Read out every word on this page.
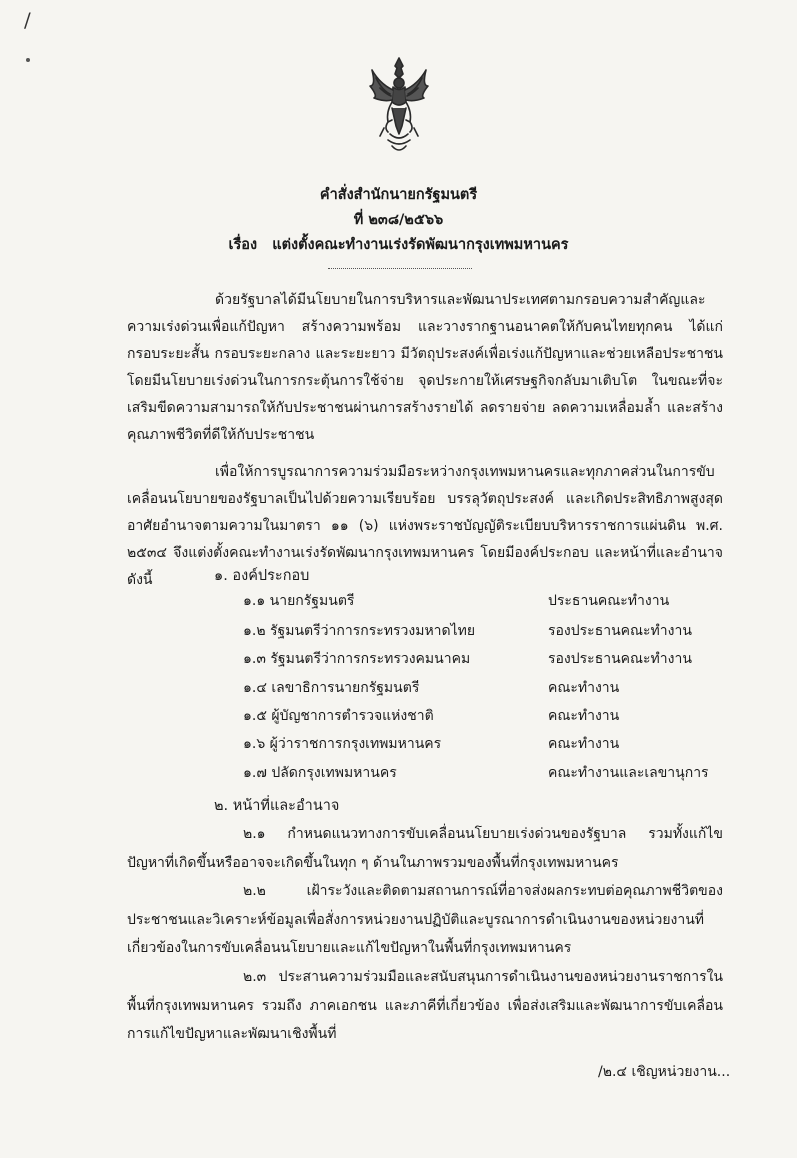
/
คำสั่งสำนักนายกรัฐมนตรี
ที่ ๒๓๘/๒๕๖๖
เรื่อง แต่งตั้งคณะทำงานเร่งรัดพัฒนากรุงเทพมหานคร
ด้วยรัฐบาลได้มีนโยบายในการบริหารและพัฒนาประเทศตามกรอบความสำคัญและความเร่งด่วนเพื่อแก้ปัญหา สร้างความพร้อม และวางรากฐานอนาคตให้กับคนไทยทุกคน ได้แก่ กรอบระยะสั้น กรอบระยะกลาง และระยะยาว มีวัตถุประสงค์เพื่อเร่งแก้ปัญหาและช่วยเหลือประชาชน โดยมีนโยบายเร่งด่วนในการกระตุ้นการใช้จ่าย จุดประกายให้เศรษฐกิจกลับมาเติบโต ในขณะที่จะเสริมขีดความสามารถให้กับประชาชนผ่านการสร้างรายได้ ลดรายจ่าย ลดความเหลื่อมล้ำ และสร้างคุณภาพชีวิตที่ดีให้กับประชาชน
เพื่อให้การบูรณาการความร่วมมือระหว่างกรุงเทพมหานครและทุกภาคส่วนในการขับเคลื่อนนโยบายของรัฐบาลเป็นไปด้วยความเรียบร้อย บรรลุวัตถุประสงค์ และเกิดประสิทธิภาพสูงสุด อาศัยอำนาจตามความในมาตรา ๑๑ (๖) แห่งพระราชบัญญัติระเบียบบริหารราชการแผ่นดิน พ.ศ. ๒๕๓๔ จึงแต่งตั้งคณะทำงานเร่งรัดพัฒนากรุงเทพมหานคร โดยมีองค์ประกอบ และหน้าที่และอำนาจ ดังนี้	๑. องค์ประกอบ
๑.๑ นายกรัฐมนตรี	ประธานคณะทำงาน
๑.๒ รัฐมนตรีว่าการกระทรวงมหาดไทย	รองประธานคณะทำงาน
๑.๓ รัฐมนตรีว่าการกระทรวงคมนาคม	รองประธานคณะทำงาน
๑.๔ เลขาธิการนายกรัฐมนตรี	คณะทำงาน
๑.๕ ผู้บัญชาการตำรวจแห่งชาติ	คณะทำงาน
๑.๖ ผู้ว่าราชการกรุงเทพมหานคร	คณะทำงาน
๑.๗ ปลัดกรุงเทพมหานคร	คณะทำงานและเลขานุการ
๒. หน้าที่และอำนาจ
๒.๑ กำหนดแนวทางการขับเคลื่อนนโยบายเร่งด่วนของรัฐบาล รวมทั้งแก้ไขปัญหาที่เกิดขึ้นหรืออาจจะเกิดขึ้นในทุก ๆ ด้านในภาพรวมของพื้นที่กรุงเทพมหานคร
๒.๒ เฝ้าระวังและติดตามสถานการณ์ที่อาจส่งผลกระทบต่อคุณภาพชีวิตของประชาชนและวิเคราะห์ข้อมูลเพื่อสั่งการหน่วยงานปฏิบัติและบูรณาการดำเนินงานของหน่วยงานที่เกี่ยวข้องในการขับเคลื่อนนโยบายและแก้ไขปัญหาในพื้นที่กรุงเทพมหานคร
๒.๓ ประสานความร่วมมือและสนับสนุนการดำเนินงานของหน่วยงานราชการในพื้นที่กรุงเทพมหานคร รวมถึง ภาคเอกชน และภาคีที่เกี่ยวข้อง เพื่อส่งเสริมและพัฒนาการขับเคลื่อนการแก้ไขปัญหาและพัฒนาเชิงพื้นที่
/๒.๔ เชิญหน่วยงาน...
